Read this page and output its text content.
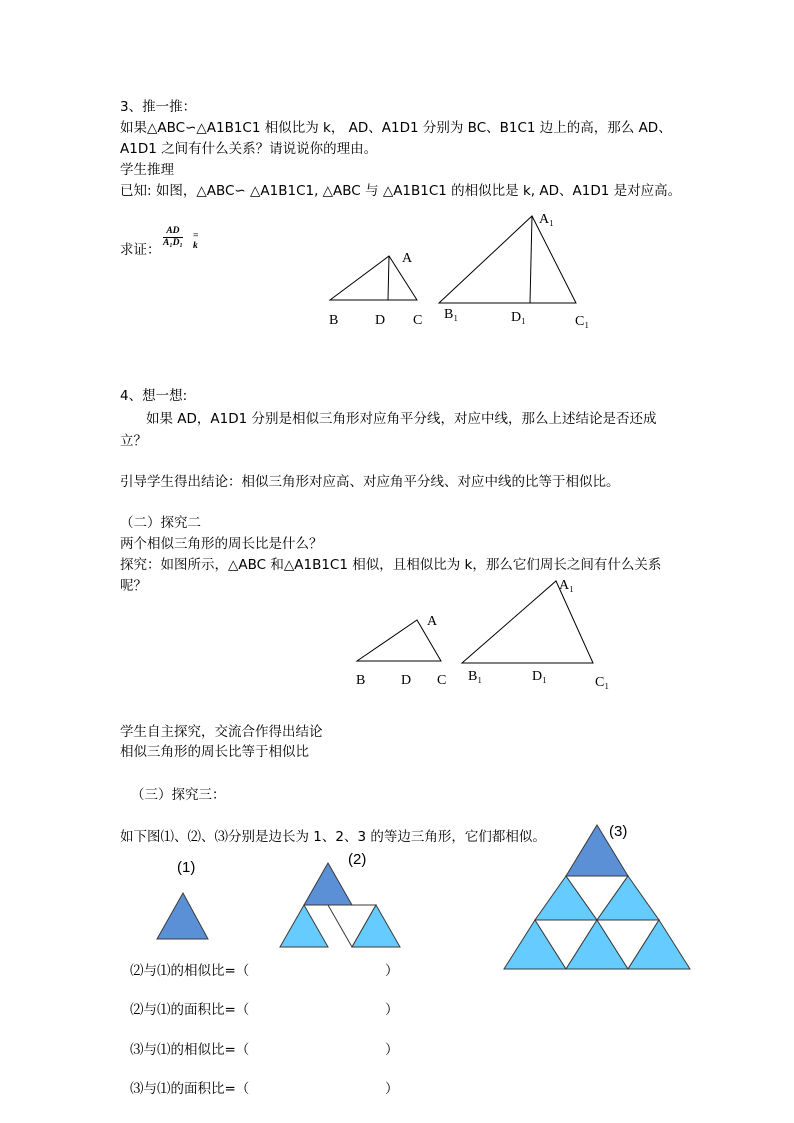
3、推一推：
如果△ABC∽△A1B1C1 相似比为 k， AD、A1D1 分别为 BC、B1C1 边上的高，那么 AD、
A1D1 之间有什么关系？请说说你的理由。
学生推理
已知: 如图，△ABC∽ △A1B1C1, △ABC 与 △A1B1C1 的相似比是 k, AD、A1D1 是对应高。
求证：
AD
A₁D₁
= k
A
B	D C
A₁
B₁	D₁	C₁
A
B	D C
A₁
B₁	D₁	C₁
(1)	(2)
(3)
4、想一想:
如果 AD，A1D1 分别是相似三角形对应角平分线，对应中线，那么上述结论是否还成
立？
引导学生得出结论：相似三角形对应高、对应角平分线、对应中线的比等于相似比。
（二）探究二
两个相似三角形的周长比是什么？
探究：如图所示，△ABC 和△A1B1C1 相似，且相似比为 k，那么它们周长之间有什么关系
呢？
学生自主探究，交流合作得出结论
相似三角形的周长比等于相似比
（三）探究三：
如下图⑴、⑵、⑶分别是边长为 1、2、3 的等边三角形，它们都相似。
⑵与⑴的相似比=（	）
⑵与⑴的面积比=（	）
⑶与⑴的相似比=（	）
⑶与⑴的面积比=（	）
